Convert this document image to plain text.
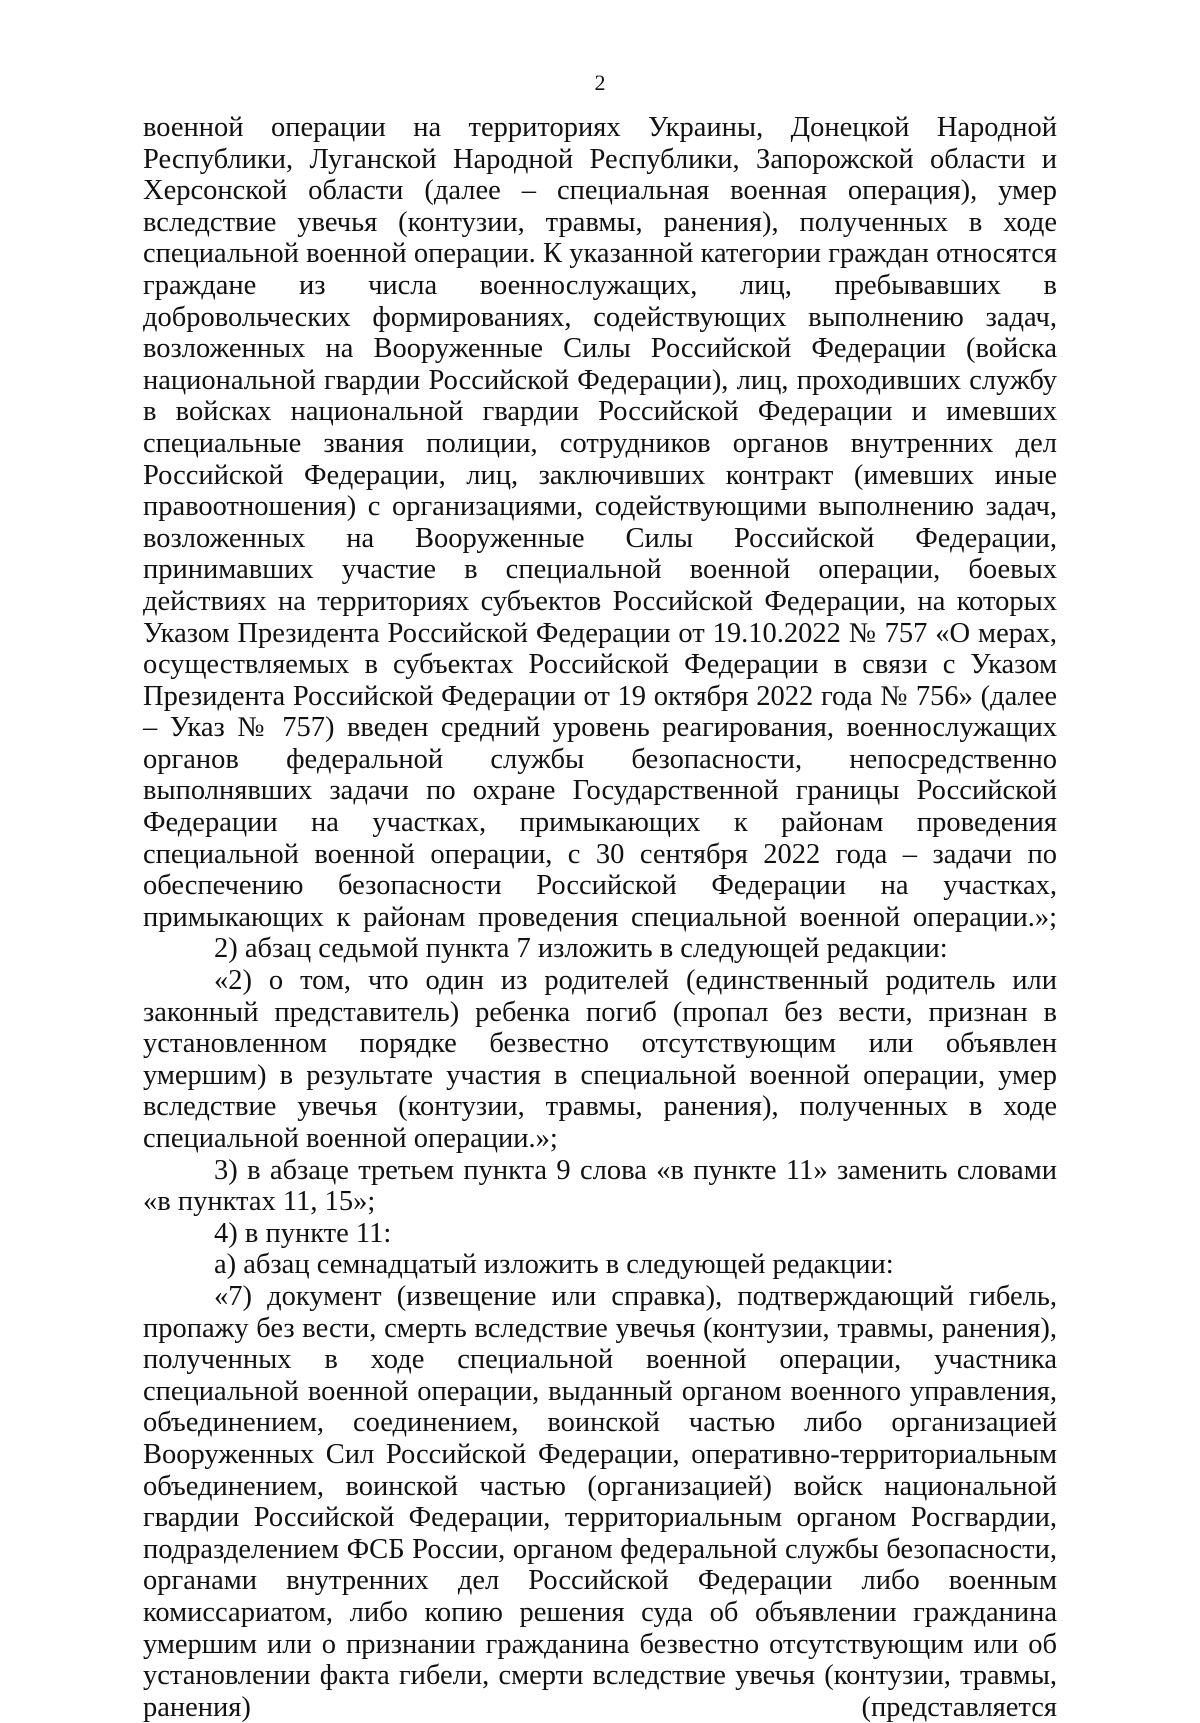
2

военной операции на территориях Украины, Донецкой Народной Республики, Луганской Народной Республики, Запорожской области и Херсонской области (далее – специальная военная операция), умер вследствие увечья (контузии, травмы, ранения), полученных в ходе специальной военной операции. К указанной категории граждан относятся граждане из числа военнослужащих, лиц, пребывавших в добровольческих формированиях, содействующих выполнению задач, возложенных на Вооруженные Силы Российской Федерации (войска национальной гвардии Российской Федерации), лиц, проходивших службу в войсках национальной гвардии Российской Федерации и имевших специальные звания полиции, сотрудников органов внутренних дел Российской Федерации, лиц, заключивших контракт (имевших иные правоотношения) с организациями, содействующими выполнению задач, возложенных на Вооруженные Силы Российской Федерации, принимавших участие в специальной военной операции, боевых действиях на территориях субъектов Российской Федерации, на которых Указом Президента Российской Федерации от 19.10.2022 № 757 «О мерах, осуществляемых в субъектах Российской Федерации в связи с Указом Президента Российской Федерации от 19 октября 2022 года № 756» (далее – Указ № 757) введен средний уровень реагирования, военнослужащих органов федеральной службы безопасности, непосредственно выполнявших задачи по охране Государственной границы Российской Федерации на участках, примыкающих к районам проведения специальной военной операции, с 30 сентября 2022 года – задачи по обеспечению безопасности Российской Федерации на участках, примыкающих к районам проведения специальной военной операции.»;

2) абзац седьмой пункта 7 изложить в следующей редакции:

«2) о том, что один из родителей (единственный родитель или законный представитель) ребенка погиб (пропал без вести, признан в установленном порядке безвестно отсутствующим или объявлен умершим) в результате участия в специальной военной операции, умер вследствие увечья (контузии, травмы, ранения), полученных в ходе специальной военной операции.»;

3) в абзаце третьем пункта 9 слова «в пункте 11» заменить словами «в пунктах 11, 15»;

4) в пункте 11:

а) абзац семнадцатый изложить в следующей редакции:

«7) документ (извещение или справка), подтверждающий гибель, пропажу без вести, смерть вследствие увечья (контузии, травмы, ранения), полученных в ходе специальной военной операции, участника специальной военной операции, выданный органом военного управления, объединением, соединением, воинской частью либо организацией Вооруженных Сил Российской Федерации, оперативно-территориальным объединением, воинской частью (организацией) войск национальной гвардии Российской Федерации, территориальным органом Росгвардии, подразделением ФСБ России, органом федеральной службы безопасности, органами внутренних дел Российской Федерации либо военным комиссариатом, либо копию решения суда об объявлении гражданина умершим или о признании гражданина безвестно отсутствующим или об установлении факта гибели, смерти вследствие увечья (контузии, травмы, ранения) (представляется
